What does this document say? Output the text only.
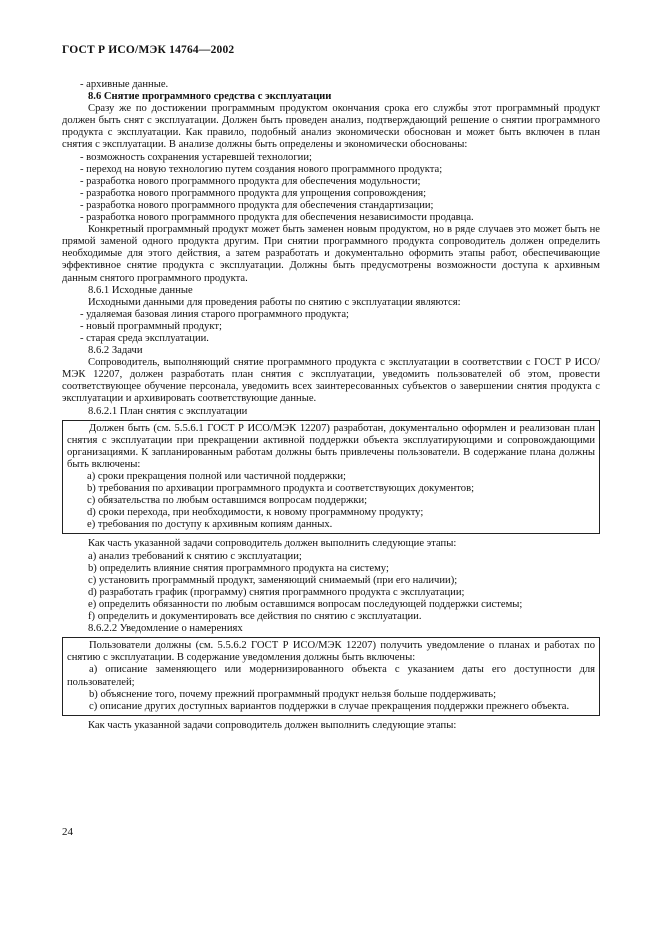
ГОСТ Р ИСО/МЭК 14764—2002

- архивные данные.

8.6 Снятие программного средства с эксплуатации

Сразу же по достижении программным продуктом окончания срока его службы этот программный продукт должен быть снят с эксплуатации. Должен быть проведен анализ, подтверждающий решение о снятии программного продукта с эксплуатации. Как правило, подобный анализ экономически обоснован и может быть включен в план снятия с эксплуатации. В анализе должны быть определены и экономически обоснованы:

- возможность сохранения устаревшей технологии;

- переход на новую технологию путем создания нового программного продукта;

- разработка нового программного продукта для обеспечения модульности;

- разработка нового программного продукта для упрощения сопровождения;

- разработка нового программного продукта для обеспечения стандартизации;

- разработка нового программного продукта для обеспечения независимости продавца.

Конкретный программный продукт может быть заменен новым продуктом, но в ряде случаев это может быть не прямой заменой одного продукта другим. При снятии программного продукта сопроводитель должен определить необходимые для этого действия, а затем разработать и документально оформить этапы работ, обеспечивающие эффективное снятие продукта с эксплуатации. Должны быть предусмотрены возможности доступа к архивным данным снятого программного продукта.

8.6.1 Исходные данные

Исходными данными для проведения работы по снятию с эксплуатации являются:

- удаляемая базовая линия старого программного продукта;

- новый программный продукт;

- старая среда эксплуатации.

8.6.2 Задачи

Сопроводитель, выполняющий снятие программного продукта с эксплуатации в соответствии с ГОСТ Р ИСО/МЭК 12207, должен разработать план снятия с эксплуатации, уведомить пользователей об этом, провести соответствующее обучение персонала, уведомить всех заинтересованных субъектов о завершении снятия продукта с эксплуатации и архивировать соответствующие данные.

8.6.2.1 План снятия с эксплуатации

Должен быть (см. 5.5.6.1 ГОСТ Р ИСО/МЭК 12207) разработан, документально оформлен и реализован план снятия с эксплуатации при прекращении активной поддержки объекта эксплуатирующими и сопровождающими организациями. К запланированным работам должны быть привлечены пользователи. В содержание плана должны быть включены:

a) сроки прекращения полной или частичной поддержки;

b) требования по архивации программного продукта и соответствующих документов;

c) обязательства по любым оставшимся вопросам поддержки;

d) сроки перехода, при необходимости, к новому программному продукту;

e) требования по доступу к архивным копиям данных.

Как часть указанной задачи сопроводитель должен выполнить следующие этапы:

a) анализ требований к снятию с эксплуатации;

b) определить влияние снятия программного продукта на систему;

c) установить программный продукт, заменяющий снимаемый (при его наличии);

d) разработать график (программу) снятия программного продукта с эксплуатации;

e) определить обязанности по любым оставшимся вопросам последующей поддержки системы;

f) определить и документировать все действия по снятию с эксплуатации.

8.6.2.2 Уведомление о намерениях

Пользователи должны (см. 5.5.6.2 ГОСТ Р ИСО/МЭК 12207) получить уведомление о планах и работах по снятию с эксплуатации. В содержание уведомления должны быть включены:

a) описание заменяющего или модернизированного объекта с указанием даты его доступности для пользователей;

b) объяснение того, почему прежний программный продукт нельзя больше поддерживать;

c) описание других доступных вариантов поддержки в случае прекращения поддержки прежнего объекта.

Как часть указанной задачи сопроводитель должен выполнить следующие этапы:

24
